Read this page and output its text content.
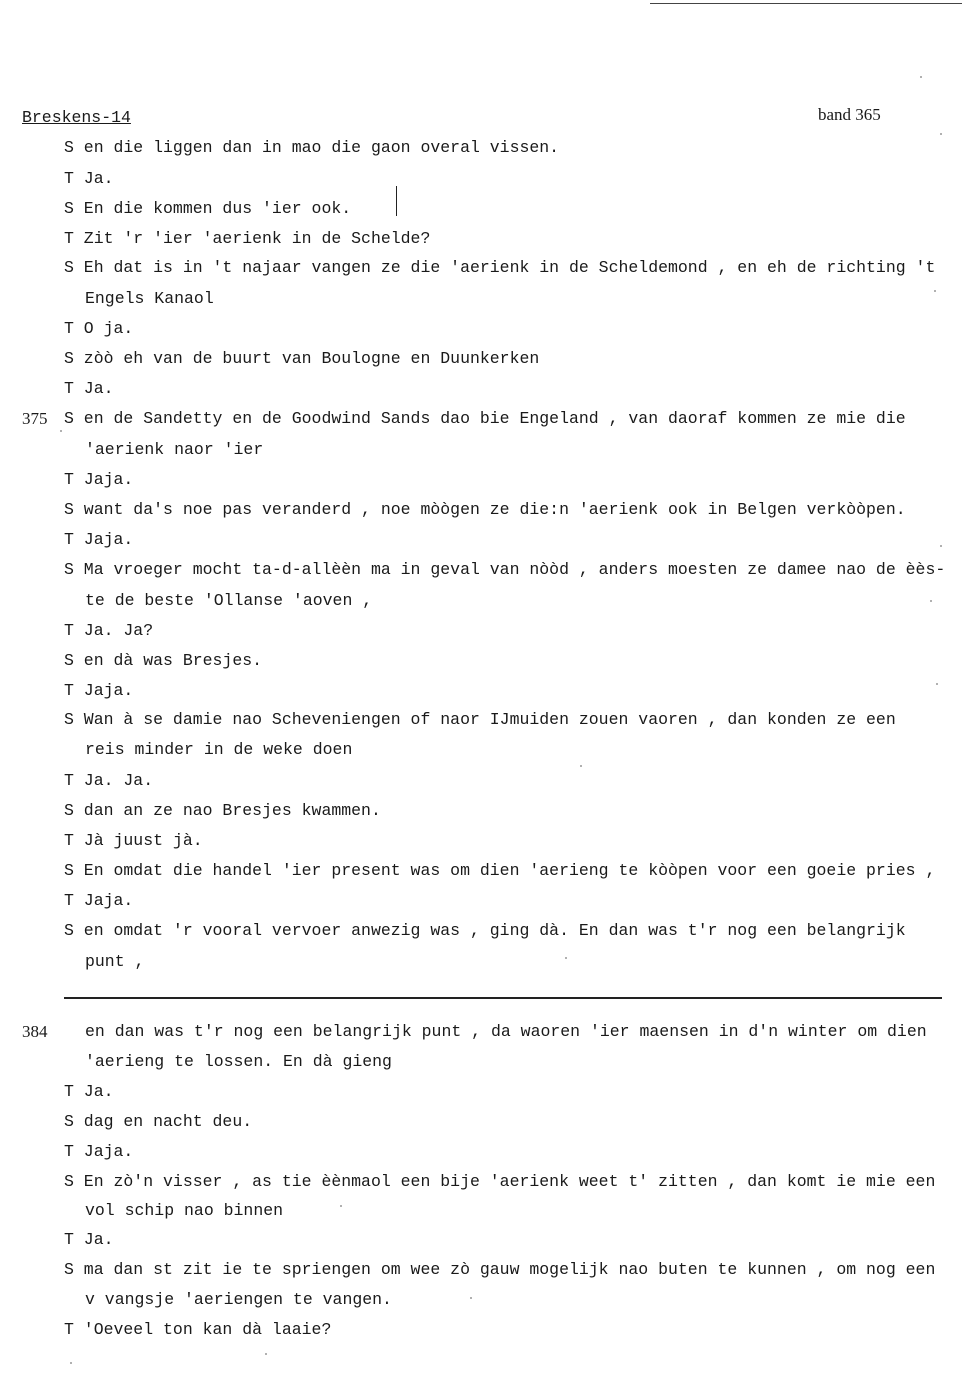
Breskens-14	band 365
S en die liggen dan in mao die gaon overal vissen.
T Ja.
S En die kommen dus 'ier ook.
T Zit 'r 'ier 'aerienk in de Schelde?
S Eh dat is in 't najaar vangen ze die 'aerienk in de Scheldemond , en eh de richting 't
Engels Kanaol
T O ja.
S zòò eh van de buurt van Boulogne en Duunkerken
T Ja.
375 S en de Sandetty en de Goodwind Sands dao bie Engeland , van daoraf kommen ze mie die
'aerienk naor 'ier
T Jaja.
S want da's noe pas veranderd , noe mòògen ze die:n 'aerienk ook in Belgen verkòòpen.
T Jaja.
S Ma vroeger mocht ta-d-allèèn ma in geval van nòòd , anders moesten ze damee nao de èès-
te de beste 'Ollanse 'aoven ,
T Ja. Ja?
S en dà was Bresjes.
T Jaja.
S Wan à se damie nao Scheveniengen of naor IJmuiden zouen vaoren , dan konden ze een
reis minder in de weke doen
T Ja. Ja.
S dan an ze nao Bresjes kwammen.
T Jà juust jà.
S En omdat die handel 'ier present was om dien 'aerieng te kòòpen voor een goeie pries ,
T Jaja.
S en omdat 'r vooral vervoer anwezig was , ging dà. En dan was t'r nog een belangrijk
punt ,
384 en dan was t'r nog een belangrijk punt , da waoren 'ier maensen in d'n winter om dien
'aerieng te lossen. En dà gieng
T Ja.
S dag en nacht deu.
T Jaja.
S En zò'n visser , as tie èènmaol een bije 'aerienk weet t' zitten , dan komt ie mie een
vol schip nao binnen
T Ja.
S ma dan st zit ie te spriengen om wee zò gauw mogelijk nao buten te kunnen , om nog een
v vangsje 'aeriengen te vangen.
T 'Oeveel ton kan dà laaie?
